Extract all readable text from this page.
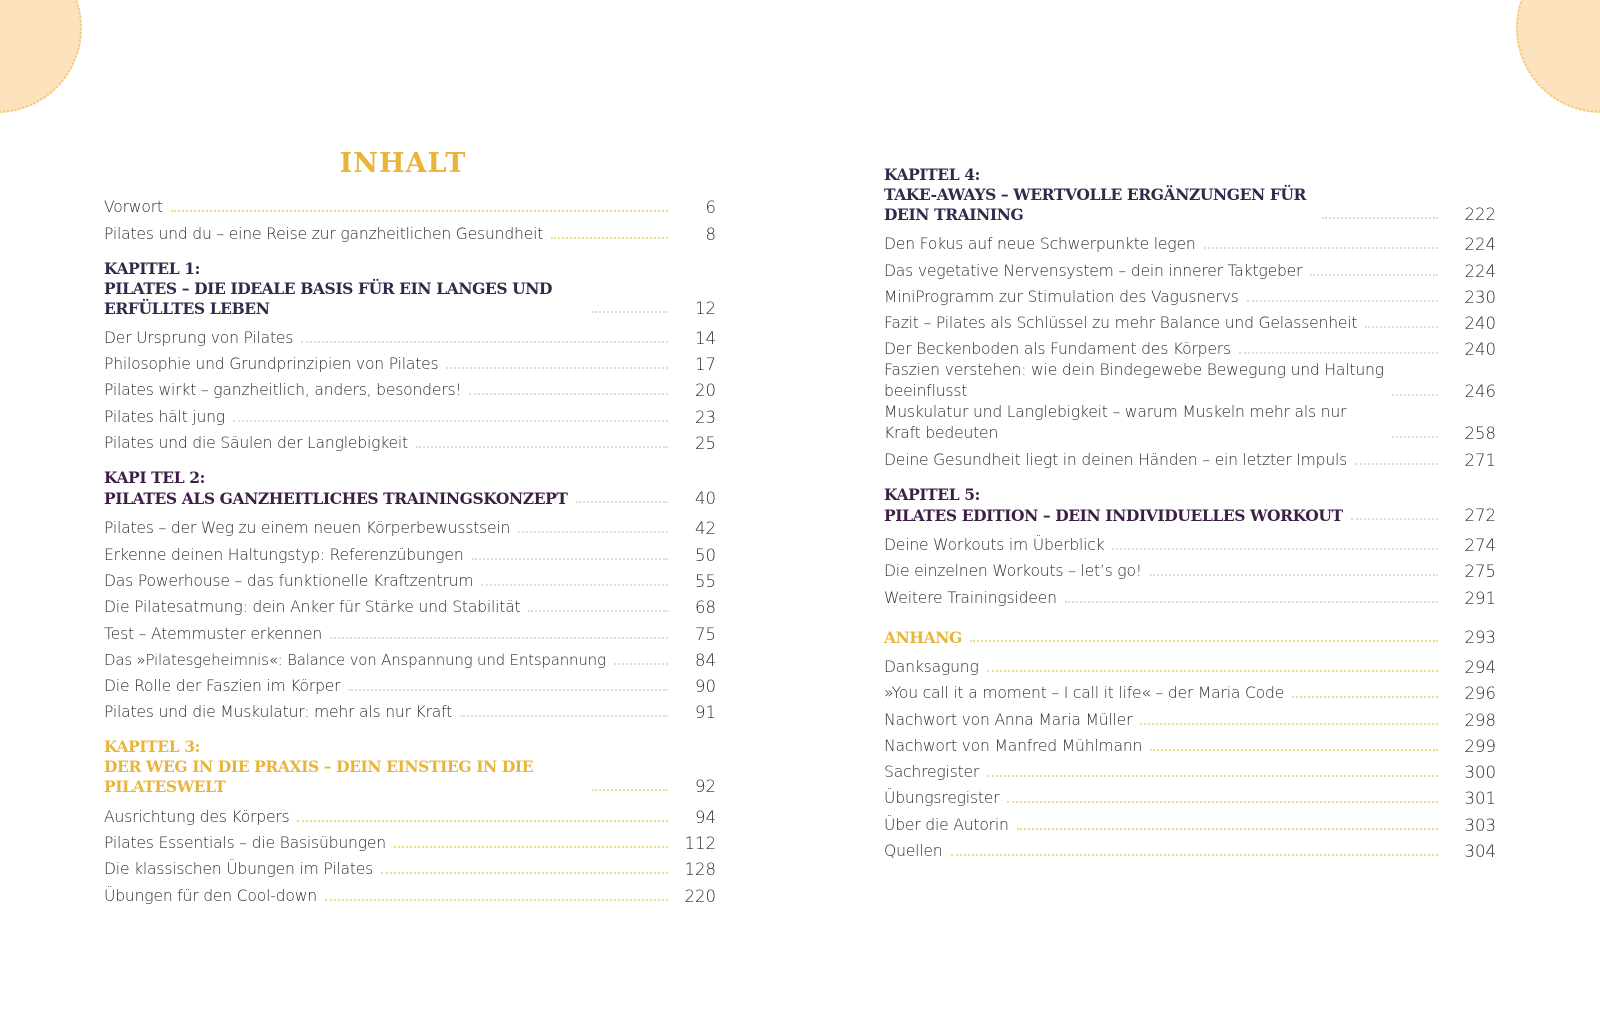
INHALT
Vorwort	6
Pilates und du – eine Reise zur ganzheitlichen Gesundheit	8
KAPITEL 1:
PILATES – DIE IDEALE BASIS FÜR EIN LANGES UND ERFÜLLTES LEBEN	12
Der Ursprung von Pilates	14
Philosophie und Grundprinzipien von Pilates	17
Pilates wirkt – ganzheitlich, anders, besonders!	20
Pilates hält jung	23
Pilates und die Säulen der Langlebigkeit	25
KAPI TEL 2:
PILATES ALS GANZHEITLICHES TRAININGSKONZEPT	40
Pilates – der Weg zu einem neuen Körperbewusstsein	42
Erkenne deinen Haltungstyp: Referenzübungen	50
Das Powerhouse – das funktionelle Kraftzentrum	55
Die Pilatesatmung: dein Anker für Stärke und Stabilität	68
Test – Atemmuster erkennen	75
Das »Pilatesgeheimnis«: Balance von Anspannung und Entspannung	84
Die Rolle der Faszien im Körper	90
Pilates und die Muskulatur: mehr als nur Kraft	91
KAPITEL 3:
DER WEG IN DIE PRAXIS – DEIN EINSTIEG IN DIE PILATESWELT	92
Ausrichtung des Körpers	94
Pilates Essentials – die Basisübungen	112
Die klassischen Übungen im Pilates	128
Übungen für den Cool-down	220
KAPITEL 4:
TAKE-AWAYS – WERTVOLLE ERGÄNZUNGEN FÜR DEIN TRAINING	222
Den Fokus auf neue Schwerpunkte legen	224
Das vegetative Nervensystem – dein innerer Taktgeber	224
MiniProgramm zur Stimulation des Vagusnervs	230
Fazit – Pilates als Schlüssel zu mehr Balance und Gelassenheit	240
Der Beckenboden als Fundament des Körpers	240
Faszien verstehen: wie dein Bindegewebe Bewegung und Haltung beeinflusst	246
Muskulatur und Langlebigkeit – warum Muskeln mehr als nur Kraft bedeuten	258
Deine Gesundheit liegt in deinen Händen – ein letzter Impuls	271
KAPITEL 5:
PILATES EDITION – DEIN INDIVIDUELLES WORKOUT	272
Deine Workouts im Überblick	274
Die einzelnen Workouts – let’s go!	275
Weitere Trainingsideen	291
ANHANG	293
Danksagung	294
»You call it a moment – I call it life« – der Maria Code	296
Nachwort von Anna Maria Müller	298
Nachwort von Manfred Mühlmann	299
Sachregister	300
Übungsregister	301
Über die Autorin	303
Quellen	304
